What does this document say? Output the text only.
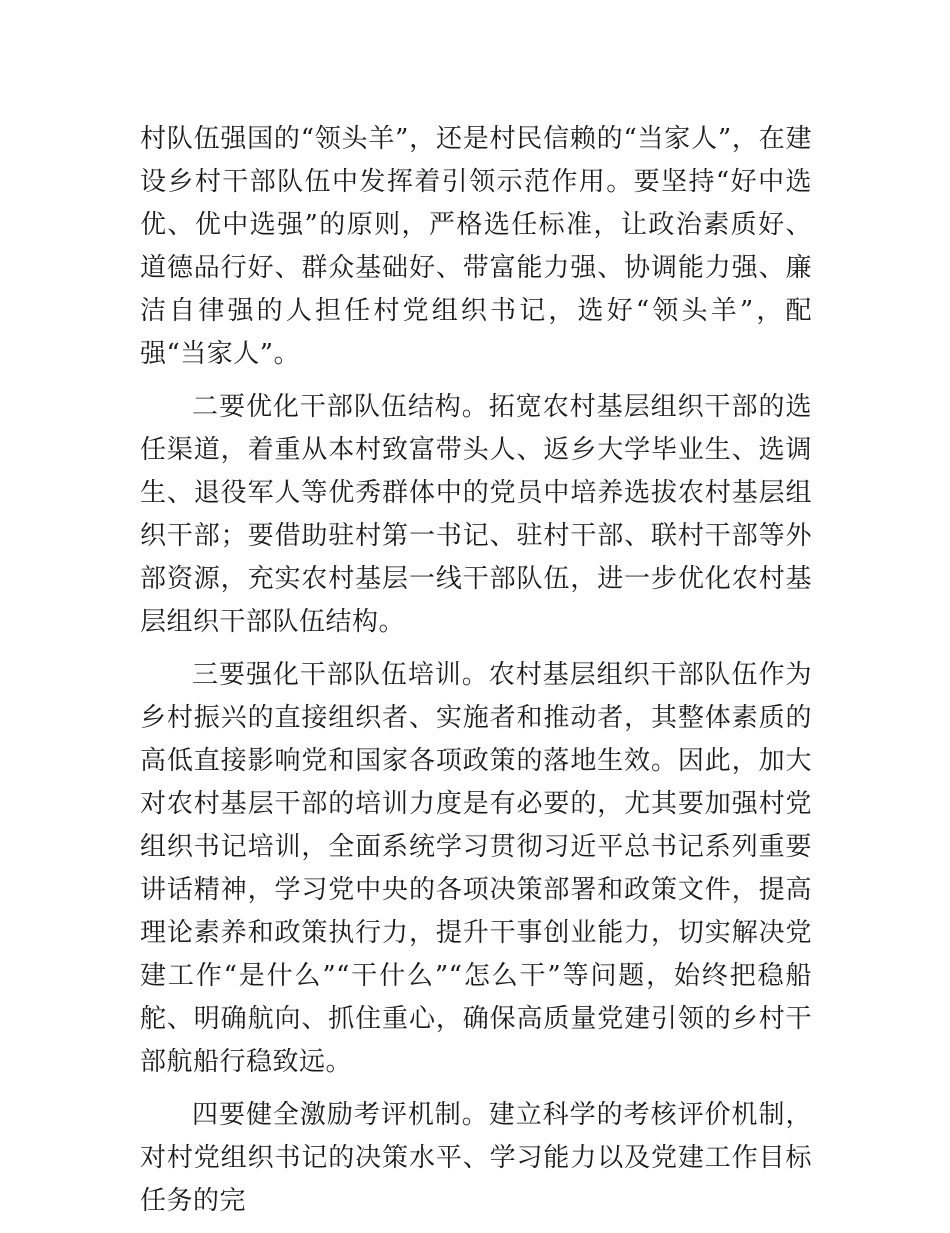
村队伍强国的“领头羊”，还是村民信赖的“当家人”，在建设乡村干部队伍中发挥着引领示范作用。要坚持“好中选优、优中选强”的原则，严格选任标准，让政治素质好、道德品行好、群众基础好、带富能力强、协调能力强、廉洁自律强的人担任村党组织书记，选好“领头羊”，配强“当家人”。

二要优化干部队伍结构。拓宽农村基层组织干部的选任渠道，着重从本村致富带头人、返乡大学毕业生、选调生、退役军人等优秀群体中的党员中培养选拔农村基层组织干部；要借助驻村第一书记、驻村干部、联村干部等外部资源，充实农村基层一线干部队伍，进一步优化农村基层组织干部队伍结构。

三要强化干部队伍培训。农村基层组织干部队伍作为乡村振兴的直接组织者、实施者和推动者，其整体素质的高低直接影响党和国家各项政策的落地生效。因此，加大对农村基层干部的培训力度是有必要的，尤其要加强村党组织书记培训，全面系统学习贯彻习近平总书记系列重要讲话精神，学习党中央的各项决策部署和政策文件，提高理论素养和政策执行力，提升干事创业能力，切实解决党建工作“是什么”“干什么”“怎么干”等问题，始终把稳船舵、明确航向、抓住重心，确保高质量党建引领的乡村干部航船行稳致远。

四要健全激励考评机制。建立科学的考核评价机制，对村党组织书记的决策水平、学习能力以及党建工作目标任务的完
